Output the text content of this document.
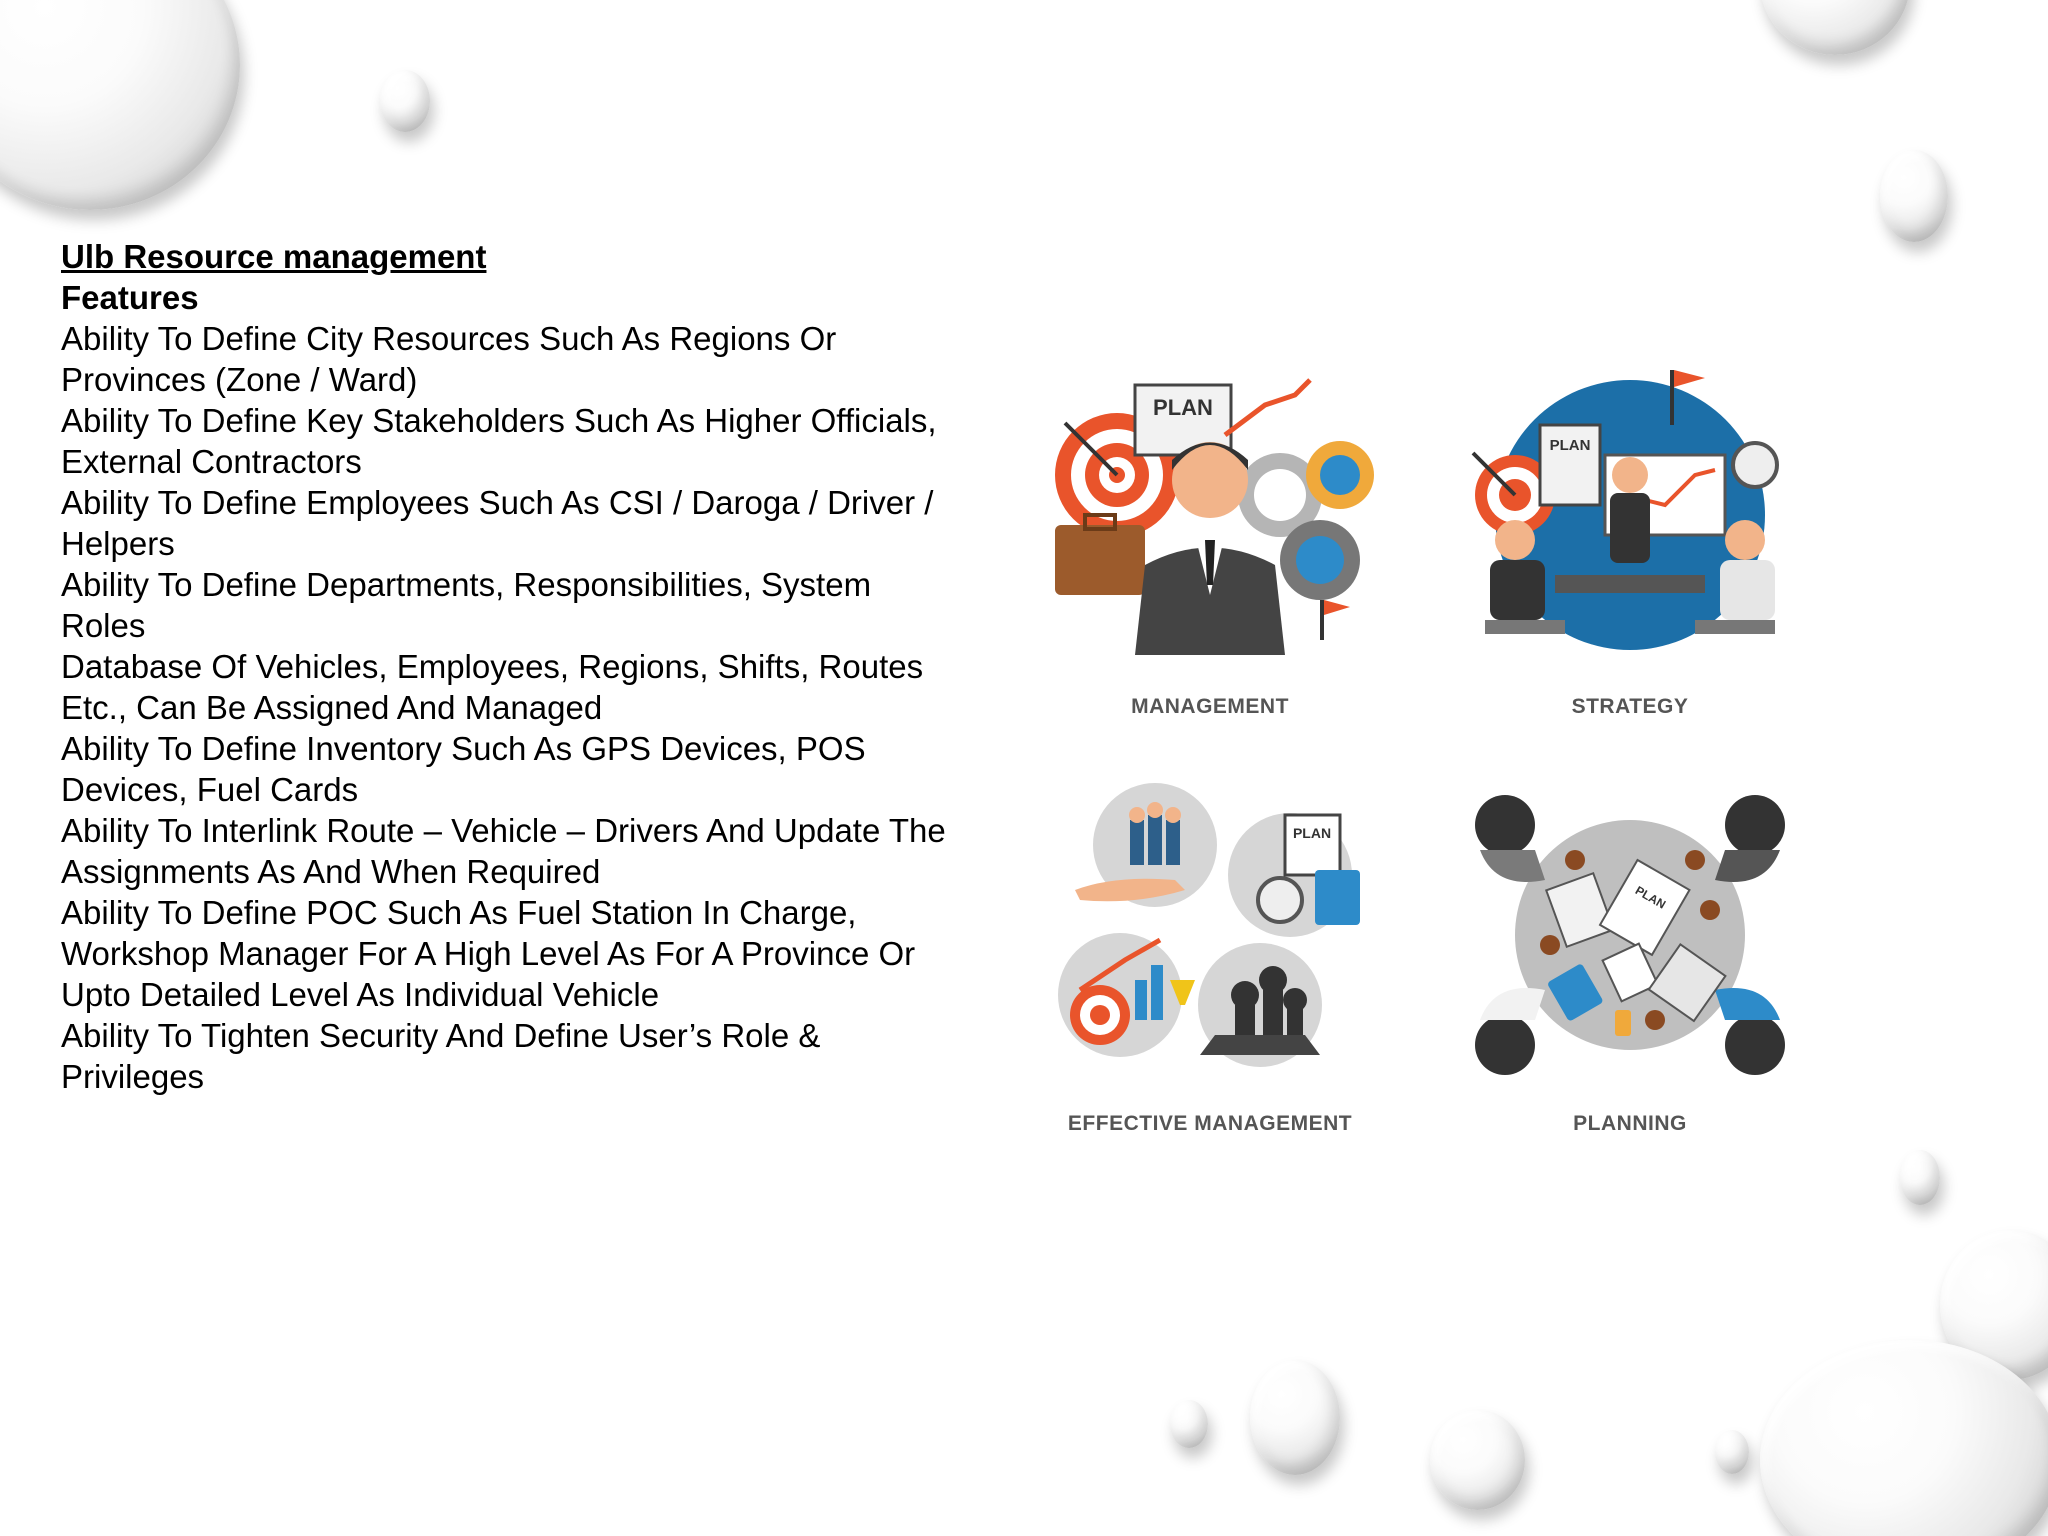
Ulb Resource management

Features

Ability To Define City Resources Such As Regions Or Provinces (Zone / Ward)

Ability To Define Key Stakeholders Such As Higher Officials, External Contractors

Ability To Define Employees Such As CSI / Daroga / Driver / Helpers

Ability To Define Departments, Responsibilities, System Roles

Database Of Vehicles, Employees, Regions, Shifts, Routes Etc., Can Be Assigned And Managed

Ability To Define Inventory Such As GPS Devices, POS Devices, Fuel Cards

Ability To Interlink Route – Vehicle – Drivers And Update The Assignments As And When Required

Ability To Define POC Such As Fuel Station In Charge, Workshop Manager For A High Level As For A Province Or Upto Detailed Level As Individual Vehicle

Ability To Tighten Security And Define User’s Role & Privileges

PLAN
MANAGEMENT
PLAN
STRATEGY
PLAN
EFFECTIVE MANAGEMENT
PLAN
PLANNING
